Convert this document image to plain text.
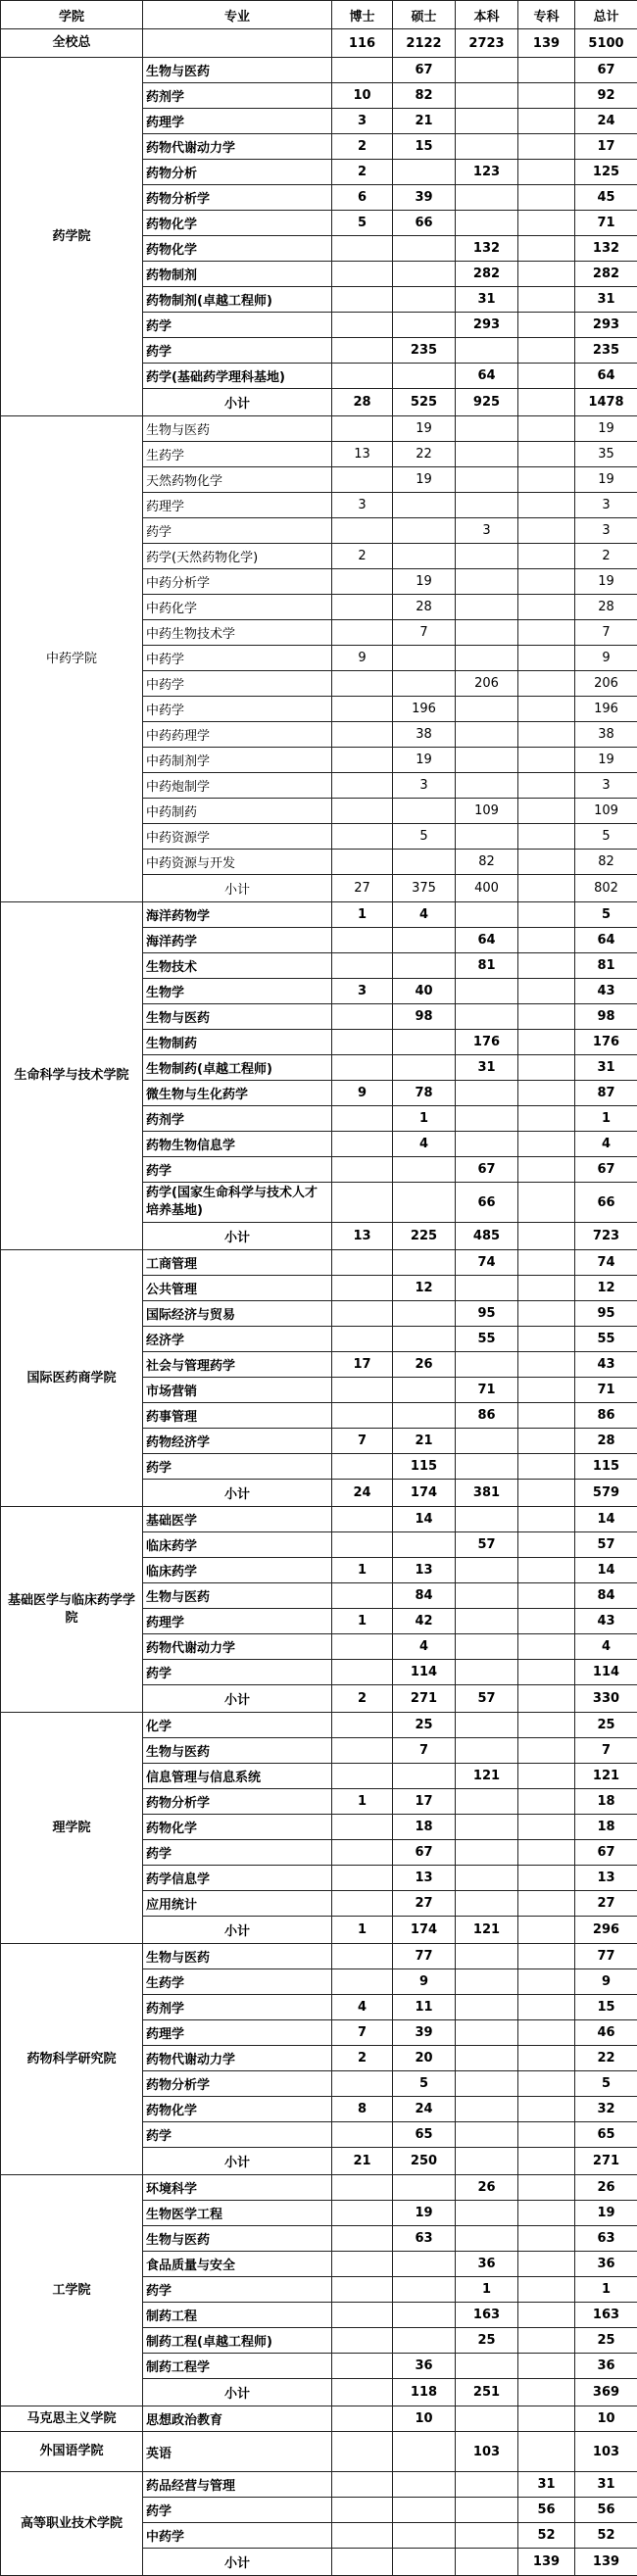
学院	专业	博士	硕士	本科	专科	总计
全校总		116	2122	2723	139	5100
药学院	生物与医药		67			67
	药剂学	10	82			92
	药理学	3	21			24
	药物代谢动力学	2	15			17
	药物分析	2		123		125
	药物分析学	6	39			45
	药物化学	5	66			71
	药物化学			132		132
	药物制剂			282		282
	药物制剂(卓越工程师)			31		31
	药学			293		293
	药学		235			235
	药学(基础药学理科基地)			64		64
	小计	28	525	925		1478
中药学院	生物与医药		19			19
	生药学	13	22			35
	天然药物化学		19			19
	药理学	3				3
	药学			3		3
	药学(天然药物化学)	2				2
	中药分析学		19			19
	中药化学		28			28
	中药生物技术学		7			7
	中药学	9				9
	中药学			206		206
	中药学		196			196
	中药药理学		38			38
	中药制剂学		19			19
	中药炮制学		3			3
	中药制药			109		109
	中药资源学		5			5
	中药资源与开发			82		82
	小计	27	375	400		802
生命科学与技术学院	海洋药物学	1	4			5
	海洋药学			64		64
	生物技术			81		81
	生物学	3	40			43
	生物与医药		98			98
	生物制药			176		176
	生物制药(卓越工程师)			31		31
	微生物与生化药学	9	78			87
	药剂学		1			1
	药物生物信息学		4			4
	药学			67		67
	药学(国家生命科学与技术人才培养基地)			66		66
	小计	13	225	485		723
国际医药商学院	工商管理			74		74
	公共管理		12			12
	国际经济与贸易			95		95
	经济学			55		55
	社会与管理药学	17	26			43
	市场营销			71		71
	药事管理			86		86
	药物经济学	7	21			28
	药学		115			115
	小计	24	174	381		579
基础医学与临床药学学院	基础医学		14			14
	临床药学			57		57
	临床药学	1	13			14
	生物与医药		84			84
	药理学	1	42			43
	药物代谢动力学		4			4
	药学		114			114
	小计	2	271	57		330
理学院	化学		25			25
	生物与医药		7			7
	信息管理与信息系统			121		121
	药物分析学	1	17			18
	药物化学		18			18
	药学		67			67
	药学信息学		13			13
	应用统计		27			27
	小计	1	174	121		296
药物科学研究院	生物与医药		77			77
	生药学		9			9
	药剂学	4	11			15
	药理学	7	39			46
	药物代谢动力学	2	20			22
	药物分析学		5			5
	药物化学	8	24			32
	药学		65			65
	小计	21	250			271
工学院	环境科学			26		26
	生物医学工程		19			19
	生物与医药		63			63
	食品质量与安全			36		36
	药学			1		1
	制药工程			163		163
	制药工程(卓越工程师)			25		25
	制药工程学		36			36
	小计		118	251		369
马克思主义学院	思想政治教育		10			10
外国语学院	英语			103		103
高等职业技术学院	药品经营与管理				31	31
	药学				56	56
	中药学				52	52
	小计				139	139
